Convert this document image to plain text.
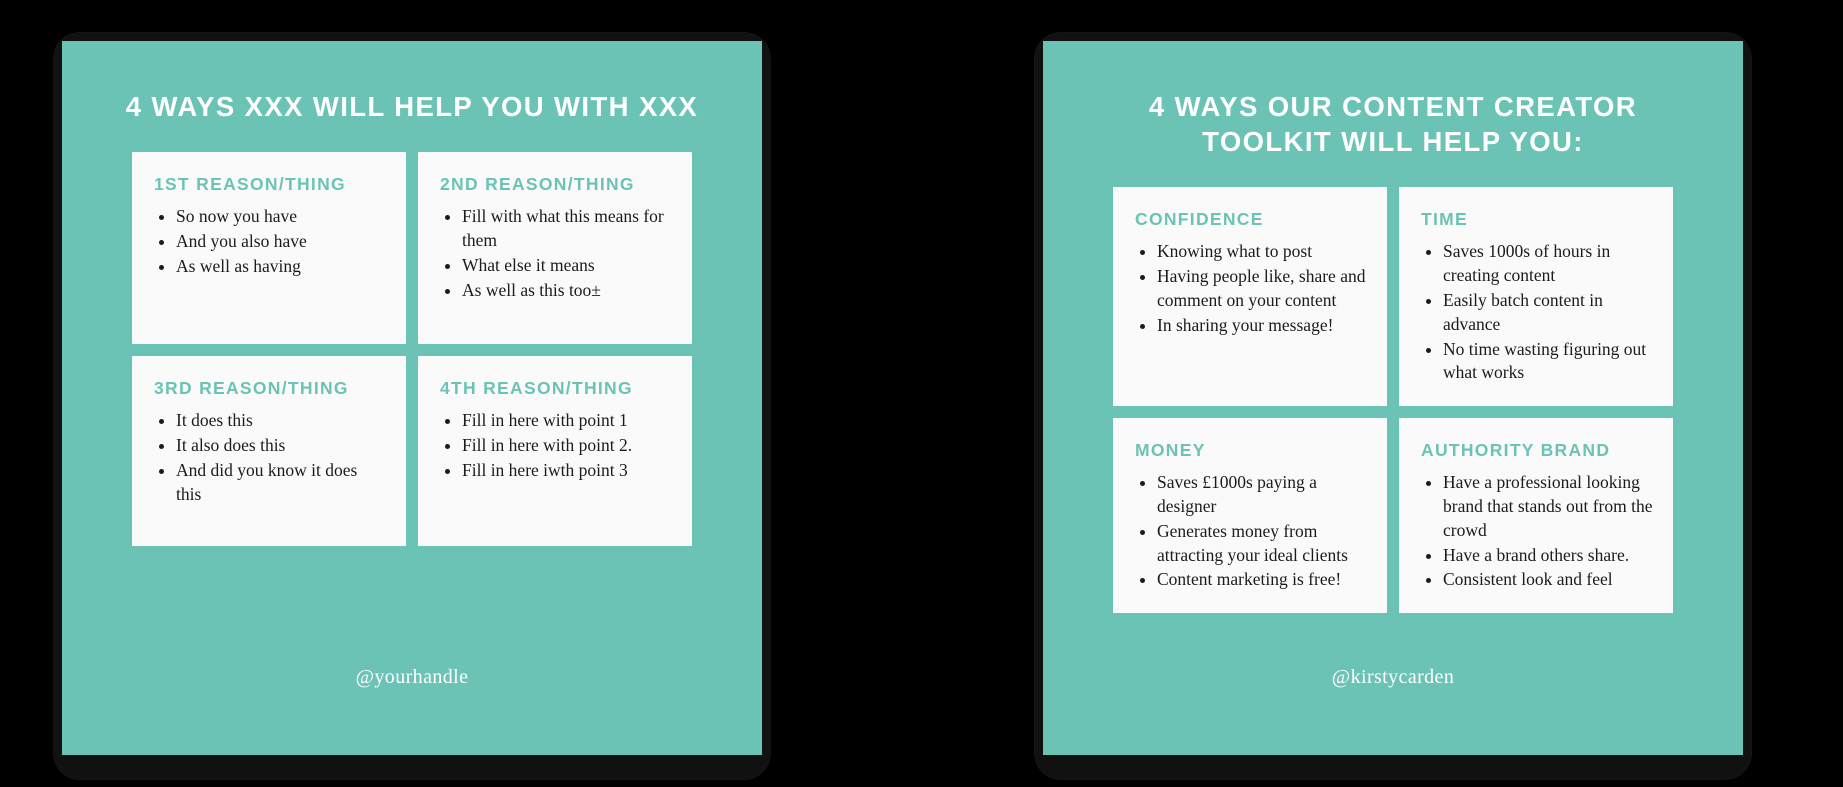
4 WAYS XXX WILL HELP YOU WITH XXX
1ST REASON/THING
• So now you have
• And you also have
• As well as having
2ND REASON/THING
• Fill with what this means for them
• What else it means
• As well as this too±
3RD REASON/THING
• It does this
• It also does this
• And did you know it does this
4TH REASON/THING
• Fill in here with point 1
• Fill in here with point 2.
• Fill in here iwth point 3
@yourhandle
4 WAYS OUR CONTENT CREATOR TOOLKIT WILL HELP YOU:
CONFIDENCE
• Knowing what to post
• Having people like, share and comment on your content
• In sharing your message!
TIME
• Saves 1000s of hours in creating content
• Easily batch content in advance
• No time wasting figuring out what works
MONEY
• Saves £1000s paying a designer
• Generates money from attracting your ideal clients
• Content marketing is free!
AUTHORITY BRAND
• Have a professional looking brand that stands out from the crowd
• Have a brand others share.
• Consistent look and feel
@kirstycarden
